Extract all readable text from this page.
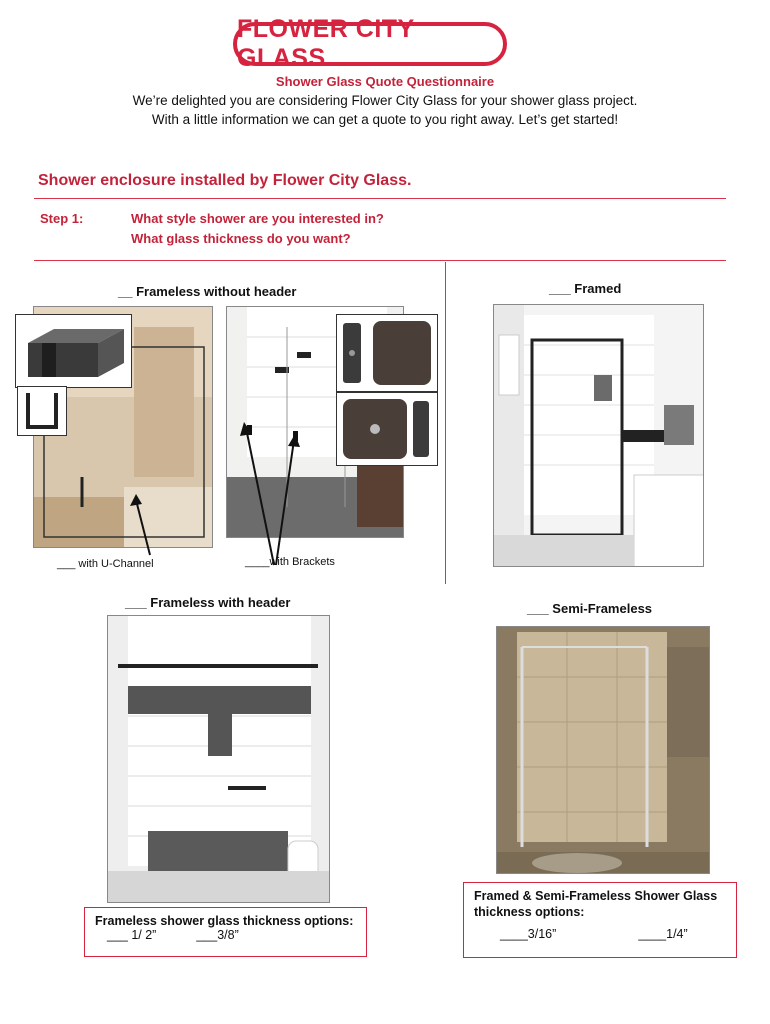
FLOWER CITY GLASS
Shower Glass Quote Questionnaire
We’re delighted you are considering Flower City Glass for your shower glass project.
With a little information we can get a quote to you right away. Let’s get started!
Shower enclosure installed by Flower City Glass.
Step 1:	What style shower are you interested in?
What glass thickness do you want?
__ Frameless without header
___ with U-Channel	____with Brackets
___ Framed
___ Frameless with header	___ Semi-Frameless
Frameless shower glass thickness options:
___ 1/ 2”	___3/8”
Framed & Semi-Frameless Shower Glass
thickness options:
____3/16”	____1/4”
